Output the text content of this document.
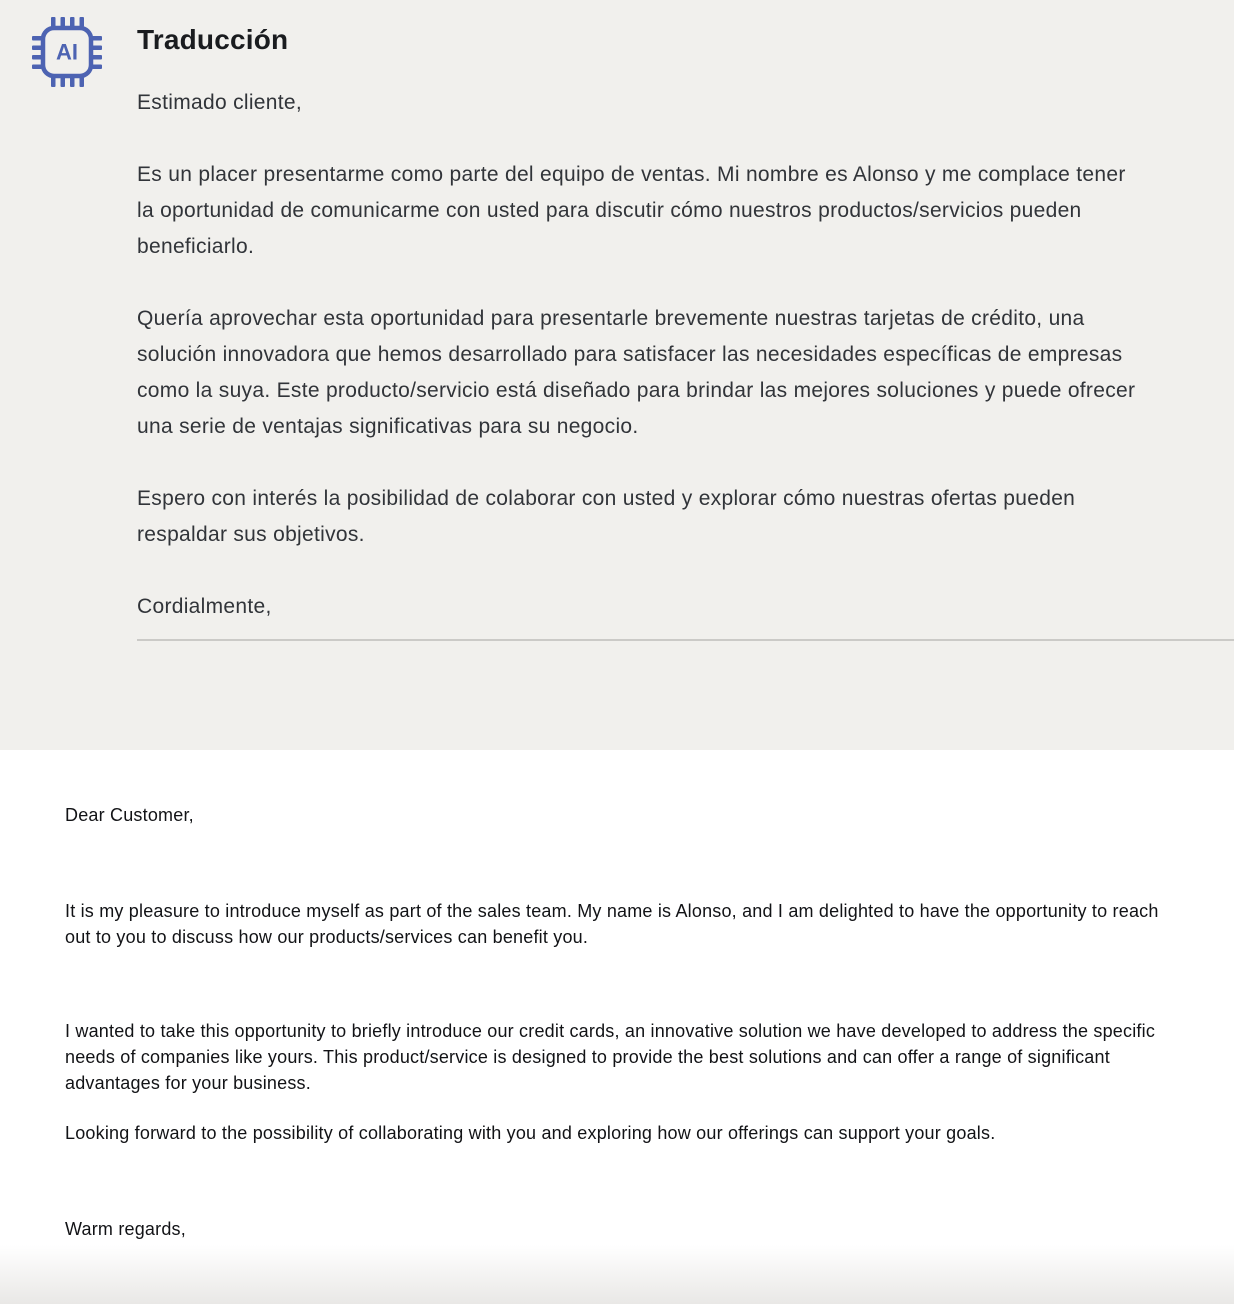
AI Traducción

Estimado cliente,

Es un placer presentarme como parte del equipo de ventas. Mi nombre es Alonso y me complace tener la oportunidad de comunicarme con usted para discutir cómo nuestros productos/servicios pueden beneficiarlo.

Quería aprovechar esta oportunidad para presentarle brevemente nuestras tarjetas de crédito, una solución innovadora que hemos desarrollado para satisfacer las necesidades específicas de empresas como la suya. Este producto/servicio está diseñado para brindar las mejores soluciones y puede ofrecer una serie de ventajas significativas para su negocio.

Espero con interés la posibilidad de colaborar con usted y explorar cómo nuestras ofertas pueden respaldar sus objetivos.

Cordialmente,

Dear Customer,

It is my pleasure to introduce myself as part of the sales team. My name is Alonso, and I am delighted to have the opportunity to reach out to you to discuss how our products/services can benefit you.

I wanted to take this opportunity to briefly introduce our credit cards, an innovative solution we have developed to address the specific needs of companies like yours. This product/service is designed to provide the best solutions and can offer a range of significant advantages for your business.

Looking forward to the possibility of collaborating with you and exploring how our offerings can support your goals.

Warm regards,
